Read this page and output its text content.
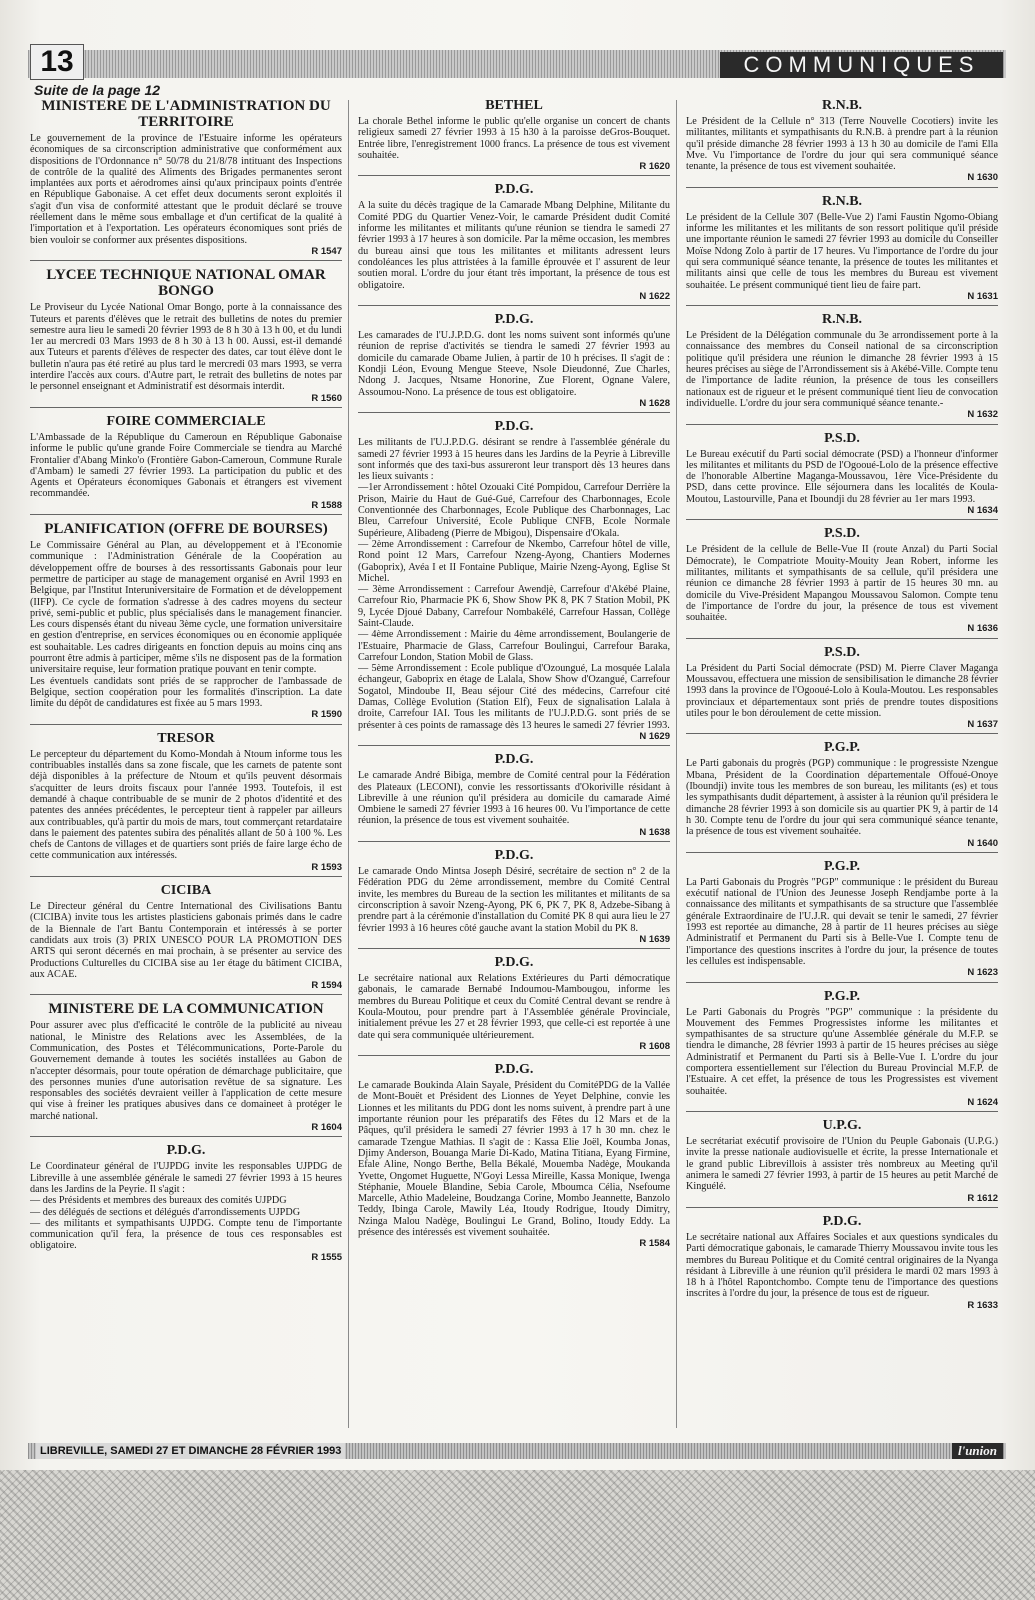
13	COMMUNIQUES
Suite de la page 12
MINISTERE DE L'ADMINISTRATION DU TERRITOIRE

Le gouvernement de la province de l'Estuaire informe les opérateurs économiques de sa circonscription administrative que conformément aux dispositions de l'Ordonnance n° 50/78 du 21/8/78 intituant des Inspections de contrôle de la qualité des Aliments des Brigades permanentes seront implantées aux ports et aérodromes ainsi qu'aux principaux points d'entrée en République Gabonaise. A cet effet deux documents seront exploités il s'agit d'un visa de conformité attestant que le produit déclaré se trouve réellement dans le même sous emballage et d'un certificat de la qualité à l'importation et à l'exportation. Les opérateurs économiques sont priés de bien vouloir se conformer aux présentes dispositions.

R 1547
LYCEE TECHNIQUE NATIONAL OMAR BONGO

Le Proviseur du Lycée National Omar Bongo, porte à la connaissance des Tuteurs et parents d'élèves que le retrait des bulletins de notes du premier semestre aura lieu le samedi 20 février 1993 de 8 h 30 à 13 h 00, et du lundi 1er au mercredi 03 Mars 1993 de 8 h 30 à 13 h 00. Aussi, est-il demandé aux Tuteurs et parents d'élèves de respecter des dates, car tout élève dont le bulletin n'aura pas été retiré au plus tard le mercredi 03 mars 1993, se verra interdire l'accès aux cours. d'Autre part, le retrait des bulletins de notes par le personnel enseignant et Administratif est désormais interdit.

R 1560
FOIRE COMMERCIALE

L'Ambassade de la République du Cameroun en République Gabonaise informe le public qu'une grande Foire Commerciale se tiendra au Marché Frontalier d'Abang Minko'o (Frontière Gabon-Cameroun, Commune Rurale d'Ambam) le samedi 27 février 1993. La participation du public et des Agents et Opérateurs économiques Gabonais et étrangers est vivement recommandée.

R 1588
PLANIFICATION (OFFRE DE BOURSES)

Le Commissaire Général au Plan, au développement et à l'Economie communique : l'Administration Générale de la Coopération au développement offre de bourses à des ressortissants Gabonais pour leur permettre de participer au stage de management organisé en Avril 1993 en Belgique, par l'Institut Interuniversitaire de Formation et de développement (IIFP). Ce cycle de formation s'adresse à des cadres moyens du secteur privé, semi-public et public, plus spécialisés dans le management financier. Les cours dispensés étant du niveau 3ème cycle, une formation universitaire en gestion d'entreprise, en services économiques ou en économie appliquée est souhaitable. Les cadres dirigeants en fonction depuis au moins cinq ans pourront être admis à participer, même s'ils ne disposent pas de la formation universitaire requise, leur formation pratique pouvant en tenir compte.

Les éventuels candidats sont priés de se rapprocher de l'ambassade de Belgique, section coopération pour les formalités d'inscription. La date limite du dépôt de candidatures est fixée au 5 mars 1993.

R 1590
TRESOR

Le percepteur du département du Komo-Mondah à Ntoum informe tous les contribuables installés dans sa zone fiscale, que les carnets de patente sont déjà disponibles à la préfecture de Ntoum et qu'ils peuvent désormais s'acquitter de leurs droits fiscaux pour l'année 1993. Toutefois, il est demandé à chaque contribuable de se munir de 2 photos d'identité et des patentes des années précédentes, le percepteur tient à rappeler par ailleurs aux contribuables, qu'à partir du mois de mars, tout commerçant retardataire dans le paiement des patentes subira des pénalités allant de 50 à 100 %. Les chefs de Cantons de villages et de quartiers sont priés de faire large écho de cette communication aux intéressés.

R 1593
CICIBA

Le Directeur général du Centre International des Civilisations Bantu (CICIBA) invite tous les artistes plasticiens gabonais primés dans le cadre de la Biennale de l'art Bantu Contemporain et intéressés à se porter candidats aux trois (3) PRIX UNESCO POUR LA PROMOTION DES ARTS qui seront décernés en mai prochain, à se présenter au service des Productions Culturelles du CICIBA sise au 1er étage du bâtiment CICIBA, aux ACAE.

R 1594
MINISTERE DE LA COMMUNICATION

Pour assurer avec plus d'efficacité le contrôle de la publicité au niveau national, le Ministre des Relations avec les Assemblées, de la Communication, des Postes et Télécommunications, Porte-Parole du Gouvernement demande à toutes les sociétés installées au Gabon de n'accepter désormais, pour toute opération de démarchage publicitaire, que des personnes munies d'une autorisation revêtue de sa signature. Les responsables des sociétés devraient veiller à l'application de cette mesure qui vise à freiner les pratiques abusives dans ce domaineet à protéger le marché national.

R 1604
P.D.G.

Le Coordinateur général de l'UJPDG invite les responsables UJPDG de Libreville à une assemblée générale le samedi 27 février 1993 à 15 heures dans les Jardins de la Peyrie. Il s'agit :

— des Présidents et membres des bureaux des comités UJPDG

— des délégués de sections et délégués d'arrondissements UJPDG

— des militants et sympathisants UJPDG. Compte tenu de l'importante communication qu'il fera, la présence de tous ces responsables est obligatoire.

R 1555
BETHEL

La chorale Bethel informe le public qu'elle organise un concert de chants religieux samedi 27 février 1993 à 15 h30 à la paroisse deGros-Bouquet. Entrée libre, l'enregistrement 1000 francs. La présence de tous est vivement souhaitée.

R 1620
P.D.G.

A la suite du décès tragique de la Camarade Mbang Delphine, Militante du Comité PDG du Quartier Venez-Voir, le camarde Président dudit Comité informe les militantes et militants qu'une réunion se tiendra le samedi 27 février 1993 à 17 heures à son domicile. Par la même occasion, les membres du bureau ainsi que tous les militantes et militants adressent leurs condoléances les plus attristées à la famille éprouvée et l' assurent de leur soutien moral. L'ordre du jour étant très important, la présence de tous est obligatoire.

N 1622
P.D.G.

Les camarades de l'U.J.P.D.G. dont les noms suivent sont informés qu'une réunion de reprise d'activités se tiendra le samedi 27 février 1993 au domicile du camarade Obame Julien, à partir de 10 h précises. Il s'agit de : Kondji Léon, Evoung Mengue Steeve, Nsole Dieudonné, Zue Charles, Ndong J. Jacques, Ntsame Honorine, Zue Florent, Ognane Valere, Assoumou-Nono. La présence de tous est obligatoire.

N 1628
P.D.G.

Les militants de l'U.J.P.D.G. désirant se rendre à l'assemblée générale du samedi 27 février 1993 à 15 heures dans les Jardins de la Peyrie à Libreville sont informés que des taxi-bus assureront leur transport dès 13 heures dans les lieux suivants :

—1er Arrondissement : hôtel Ozouaki Cité Pompidou, Carrefour Derrière la Prison, Mairie du Haut de Gué-Gué, Carrefour des Charbonnages, Ecole Conventionnée des Charbonnages, Ecole Publique des Charbonnages, Lac Bleu, Carrefour Université, Ecole Publique CNFB, Ecole Normale Supérieure, Alibadeng (Pierre de Mbigou), Dispensaire d'Okala.

— 2ème Arrondissement : Carrefour de Nkembo, Carrefour hôtel de ville, Rond point 12 Mars, Carrefour Nzeng-Ayong, Chantiers Modernes (Gaboprix), Avéa I et II Fontaine Publique, Mairie Nzeng-Ayong, Eglise St Michel.

— 3ème Arrondissement : Carrefour Awendjè, Carrefour d'Akébé Plaine, Carrefour Rio, Pharmacie PK 6, Show Show PK 8, PK 7 Station Mobil, PK 9, Lycée Djoué Dabany, Carrefour Nombakélé, Carrefour Hassan, Collège Saint-Claude.

— 4ème Arrondissement : Mairie du 4ème arrondissement, Boulangerie de l'Estuaire, Pharmacie de Glass, Carrefour Boulingui, Carrefour Baraka, Carrefour London, Station Mobil de Glass.

— 5ème Arrondissement : Ecole publique d'Ozoungué, La mosquée Lalala échangeur, Gaboprix en étage de Lalala, Show Show d'Ozangué, Carrefour Sogatol, Mindoube II, Beau séjour Cité des médecins, Carrefour cité Damas, Collège Evolution (Station Elf), Feux de signalisation Lalala à droite, Carrefour IAI. Tous les militants de l'U.J.P.D.G. sont priés de se présenter à ces points de ramassage dès 13 heures le samedi 27 février 1993.

N 1629
P.D.G.

Le camarade André Bibiga, membre de Comité central pour la Fédération des Plateaux (LECONI), convie les ressortissants d'Okoriville résidant à Libreville à une réunion qu'il présidera au domicile du camarade Aimé Ombiene le samedi 27 février 1993 à 16 heures 00. Vu l'importance de cette réunion, la présence de tous est vivement souhaitée.

N 1638
P.D.G.

Le camarade Ondo Mintsa Joseph Désiré, secrétaire de section n° 2 de la Fédération PDG du 2ème arrondissement, membre du Comité Central invite, les membres du Bureau de la section les militantes et militants de sa circonscription à savoir Nzeng-Ayong, PK 6, PK 7, PK 8, Adzebe-Sibang à prendre part à la cérémonie d'installation du Comité PK 8 qui aura lieu le 27 février 1993 à 16 heures côté gauche avant la station Mobil du PK 8.

N 1639
P.D.G.

Le secrétaire national aux Relations Extérieures du Parti démocratique gabonais, le camarade Bernabé Indoumou-Mambougou, informe les membres du Bureau Politique et ceux du Comité Central devant se rendre à Koula-Moutou, pour prendre part à l'Assemblée générale Provinciale, initialement prévue les 27 et 28 février 1993, que celle-ci est reportée à une date qui sera communiquée ultérieurement.

R 1608
P.D.G.

Le camarade Boukinda Alain Sayale, Président du ComitéPDG de la Vallée de Mont-Bouët et Président des Lionnes de Yeyet Delphine, convie les Lionnes et les militants du PDG dont les noms suivent, à prendre part à une importante réunion pour les préparatifs des Fêtes du 12 Mars et de la Pâques, qu'il présidera le samedi 27 février 1993 à 17 h 30 mn. chez le camarade Tzengue Mathias. Il s'agit de : Kassa Elie Joël, Koumba Jonas, Djimy Anderson, Bouanga Marie Di-Kado, Matina Titiana, Eyang Firmine, Efale Aline, Nongo Berthe, Bella Békalé, Mouemba Nadège, Moukanda Yvette, Ongomet Huguette, N'Goyi Lessa Mireille, Kassa Monique, Iwenga Stéphanie, Mouele Blandine, Sebia Carole, Mboumca Célia, Nsefoume Marcelle, Athio Madeleine, Boudzanga Corine, Mombo Jeannette, Banzolo Teddy, Ibinga Carole, Mawily Léa, Itoudy Rodrigue, Itoudy Dimitry, Nzinga Malou Nadège, Boulingui Le Grand, Bolino, Itoudy Eddy. La présence des intéressés est vivement souhaitée.

R 1584
R.N.B.

Le Président de la Cellule n° 313 (Terre Nouvelle Cocotiers) invite les militantes, militants et sympathisants du R.N.B. à prendre part à la réunion qu'il préside dimanche 28 février 1993 à 13 h 30 au domicile de l'ami Ella Mve. Vu l'importance de l'ordre du jour qui sera communiqué séance tenante, la présence de tous est vivement souhaitée.

N 1630
R.N.B.

Le président de la Cellule 307 (Belle-Vue 2) l'ami Faustin Ngomo-Obiang informe les militantes et les militants de son ressort politique qu'il préside une importante réunion le samedi 27 février 1993 au domicile du Conseiller Moïse Ndong Zolo à partir de 17 heures. Vu l'importance de l'ordre du jour qui sera communiqué séance tenante, la présence de toutes les militantes et militants ainsi que celle de tous les membres du Bureau est vivement souhaitée. Le présent communiqué tient lieu de faire part.

N 1631
R.N.B.

Le Président de la Délégation communale du 3e arrondissement porte à la connaissance des membres du Conseil national de sa circonscription politique qu'il présidera une réunion le dimanche 28 février 1993 à 15 heures précises au siège de l'Arrondissement sis à Akébé-Ville. Compte tenu de l'importance de ladite réunion, la présence de tous les conseillers nationaux est de rigueur et le présent communiqué tient lieu de convocation individuelle. L'ordre du jour sera communiqué séance tenante.-

N 1632
P.S.D.

Le Bureau exécutif du Parti social démocrate (PSD) a l'honneur d'informer les militantes et militants du PSD de l'Ogooué-Lolo de la présence effective de l'honorable Albertine Maganga-Moussavou, 1ère Vice-Présidente du PSD, dans cette province. Elle séjournera dans les localités de Koula-Moutou, Lastourville, Pana et Iboundji du 28 février au 1er mars 1993.

N 1634
P.S.D.

Le Président de la cellule de Belle-Vue II (route Anzal) du Parti Social Démocrate), le Compatriote Mouity-Mouity Jean Robert, informe les militantes, militants et sympathisants de sa cellule, qu'il présidera une réunion ce dimanche 28 février 1993 à partir de 15 heures 30 mn. au domicile du Vive-Président Mapangou Moussavou Salomon. Compte tenu de l'importance de l'ordre du jour, la présence de tous est vivement souhaitée.

N 1636
P.S.D.

La Président du Parti Social démocrate (PSD) M. Pierre Claver Maganga Moussavou, effectuera une mission de sensibilisation le dimanche 28 février 1993 dans la province de l'Ogooué-Lolo à Koula-Moutou. Les responsables provinciaux et départementaux sont priés de prendre toutes dispositions utiles pour le bon déroulement de cette mission.

N 1637
P.G.P.

Le Parti gabonais du progrès (PGP) communique : le progressiste Nzengue Mbana, Président de la Coordination départementale Offoué-Onoye (Iboundji) invite tous les membres de son bureau, les militants (es) et tous les sympathisants dudit département, à assister à la réunion qu'il présidera le dimanche 28 février 1993 à son domicile sis au quartier PK 9, à partir de 14 h 30. Compte tenu de l'ordre du jour qui sera communiqué séance tenante, la présence de tous est vivement souhaitée.

N 1640
P.G.P.

La Parti Gabonais du Progrès "PGP" communique : le président du Bureau exécutif national de l'Union des Jeunesse Joseph Rendjambe porte à la connaissance des militants et sympathisants de sa structure que l'assemblée générale Extraordinaire de l'U.J.R. qui devait se tenir le samedi, 27 février 1993 est reportée au dimanche, 28 à partir de 11 heures précises au siège Administratif et Permanent du Parti sis à Belle-Vue I. Compte tenu de l'importance des questions inscrites à l'ordre du jour, la présence de toutes les cellules est indispensable.

N 1623
P.G.P.

Le Parti Gabonais du Progrès "PGP" communique : la présidente du Mouvement des Femmes Progressistes informe les militantes et sympathisantes de sa structure qu'une Assemblée générale du M.F.P. se tiendra le dimanche, 28 février 1993 à partir de 15 heures précises au siège Administratif et Permanent du Parti sis à Belle-Vue I. L'ordre du jour comportera essentiellement sur l'élection du Bureau Provincial M.F.P. de l'Estuaire. A cet effet, la présence de tous les Progressistes est vivement souhaitée.

N 1624
U.P.G.

Le secrétariat exécutif provisoire de l'Union du Peuple Gabonais (U.P.G.) invite la presse nationale audiovisuelle et écrite, la presse Internationale et le grand public Librevillois à assister très nombreux au Meeting qu'il animera le samedi 27 février 1993, à partir de 15 heures au petit Marché de Kinguélé.

R 1612
P.D.G.

Le secrétaire national aux Affaires Sociales et aux questions syndicales du Parti démocratique gabonais, le camarade Thierry Moussavou invite tous les membres du Bureau Politique et du Comité central originaires de la Nyanga résidant à Libreville à une réunion qu'il présidera le mardi 02 mars 1993 à 18 h à l'hôtel Rapontchombo. Compte tenu de l'importance des questions inscrites à l'ordre du jour, la présence de tous est de rigueur.

R 1633
LIBREVILLE, SAMEDI 27 ET DIMANCHE 28 FÉVRIER 1993	l'union
